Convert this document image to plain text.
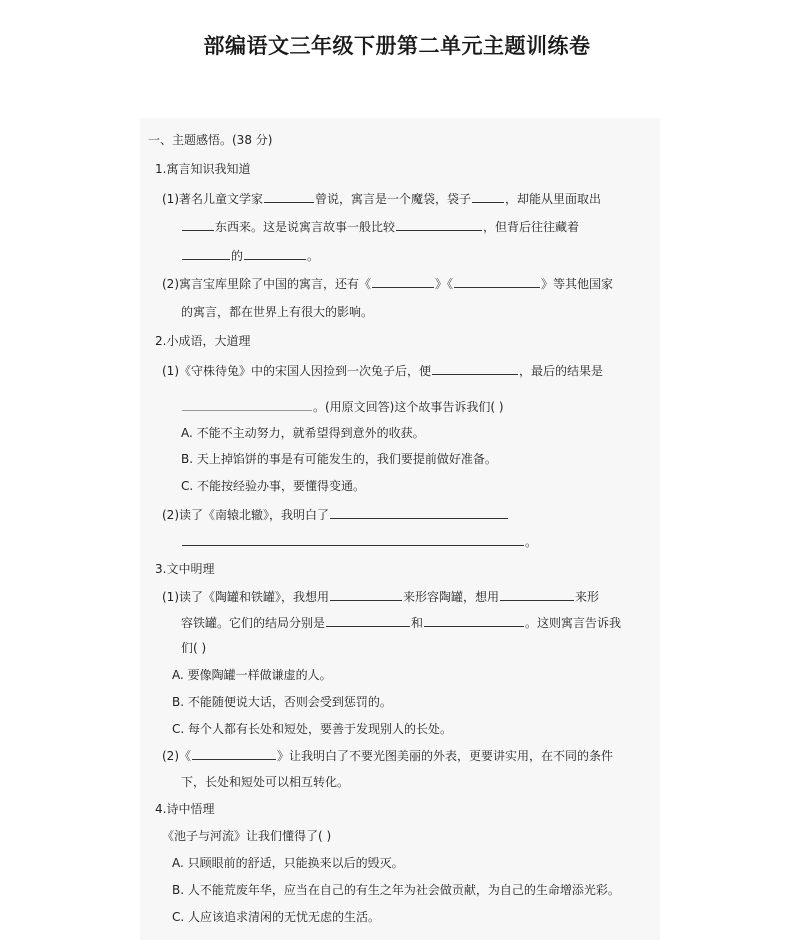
部编语文三年级下册第二单元主题训练卷
一、主题感悟。(38 分)
1.寓言知识我知道
(1)著名儿童文学家	曾说，寓言是一个魔袋，袋子	，却能从里面取出
东西来。这是说寓言故事一般比较	，但背后往往藏着
的	。
(2)寓言宝库里除了中国的寓言，还有《	》《	》等其他国家
的寓言，都在世界上有很大的影响。
2.小成语，大道理
(1)《守株待兔》中的宋国人因捡到一次兔子后，便	，最后的结果是
。(用原文回答)这个故事告诉我们( )
A. 不能不主动努力，就希望得到意外的收获。
B. 天上掉馅饼的事是有可能发生的，我们要提前做好准备。
C. 不能按经验办事，要懂得变通。
(2)读了《南辕北辙》，我明白了
。
3.文中明理
(1)读了《陶罐和铁罐》，我想用	来形容陶罐，想用	来形
容铁罐。它们的结局分别是	和	。这则寓言告诉我
们( )
A. 要像陶罐一样做谦虚的人。
B. 不能随便说大话，否则会受到惩罚的。
C. 每个人都有长处和短处，要善于发现别人的长处。
(2)《	》让我明白了不要光图美丽的外表，更要讲实用，在不同的条件
下，长处和短处可以相互转化。
4.诗中悟理
《池子与河流》让我们懂得了( )
A. 只顾眼前的舒适，只能换来以后的毁灭。
B. 人不能荒废年华，应当在自己的有生之年为社会做贡献，为自己的生命增添光彩。
C. 人应该追求清闲的无忧无虑的生活。
